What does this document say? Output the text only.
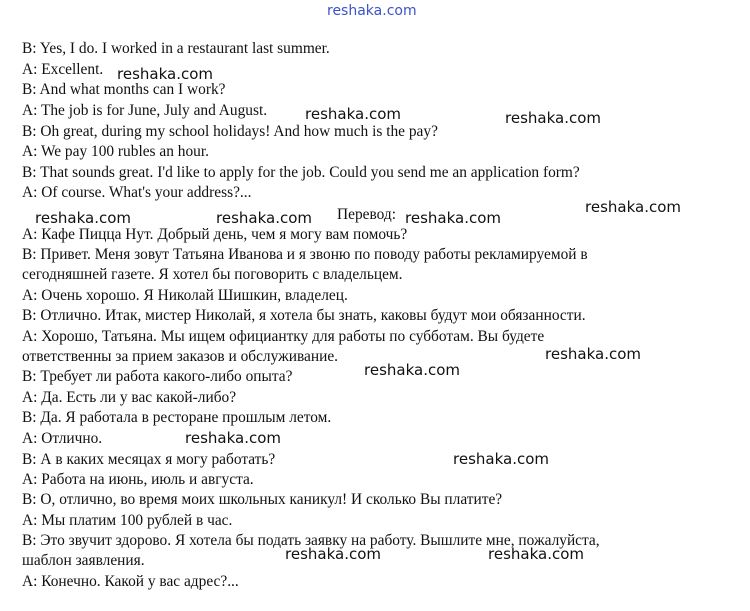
reshaka.com
B: Yes, I do. I worked in a restaurant last summer.
A: Excellent.
B: And what months can I work?
A: The job is for June, July and August.
B: Oh great, during my school holidays! And how much is the pay?
A: We pay 100 rubles an hour.
B: That sounds great. I'd like to apply for the job. Could you send me an application form?
A: Of course. What's your address?...
Перевод:
A: Кафе Пицца Нут. Добрый день, чем я могу вам помочь?
B: Привет. Меня зовут Татьяна Иванова и я звоню по поводу работы рекламируемой в
сегодняшней газете. Я хотел бы поговорить с владельцем.
А: Очень хорошо. Я Николай Шишкин, владелец.
B: Отлично. Итак, мистер Николай, я хотела бы знать, каковы будут мои обязанности.
А: Хорошо, Татьяна. Мы ищем официантку для работы по субботам. Вы будете
ответственны за прием заказов и обслуживание.
B: Требует ли работа какого-либо опыта?
А: Да. Есть ли у вас какой-либо?
B: Да. Я работала в ресторане прошлым летом.
А: Отлично.
B: А в каких месяцах я могу работать?
А: Работа на июнь, июль и августа.
B: О, отлично, во время моих школьных каникул! И сколько Вы платите?
А: Мы платим 100 рублей в час.
B: Это звучит здорово. Я хотела бы подать заявку на работу. Вышлите мне, пожалуйста,
шаблон заявления.
А: Конечно. Какой у вас адрес?...
reshaka.com
reshaka.com	reshaka.com
reshaka.com
reshaka.com	reshaka.com	reshaka.com
reshaka.com
reshaka.com
reshaka.com
reshaka.com
reshaka.com	reshaka.com
